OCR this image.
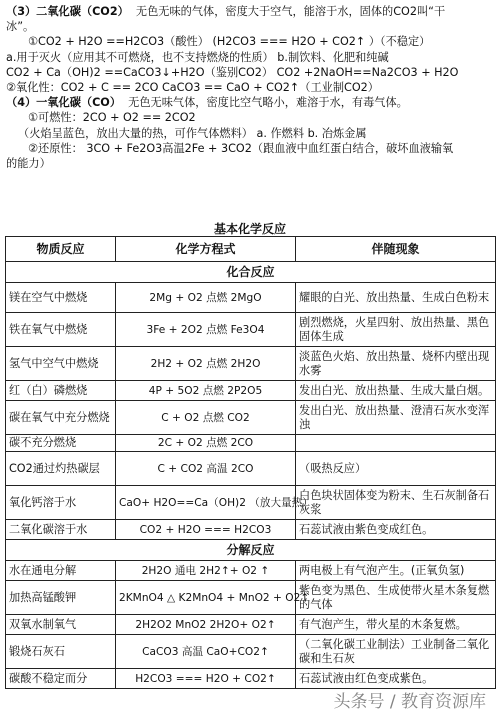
（3）二氧化碳（CO2） 无色无味的气体，密度大于空气，能溶于水，固体的CO2叫“干

冰”。

①CO2 + H2O ==H2CO3（酸性） (H2CO3 === H2O + CO2↑ ）（不稳定）

a.用于灭火（应用其不可燃烧，也不支持燃烧的性质） b.制饮料、化肥和纯碱

CO2 + Ca（OH)2 ==CaCO3↓+H2O（鉴别CO2） CO2 +2NaOH==Na2CO3 + H2O

②氧化性：CO2 + C == 2CO CaCO3 == CaO + CO2↑（工业制CO2）

（4）一氧化碳（CO） 无色无味气体，密度比空气略小，难溶于水，有毒气体。

①可燃性：2CO + O2 == 2CO2

（火焰呈蓝色，放出大量的热，可作气体燃料） a. 作燃料 b. 冶炼金属

②还原性： 3CO + Fe2O3高温2Fe + 3CO2（跟血液中血红蛋白结合，破坏血液输氧

的能力）

基本化学反应
物质反应	化学方程式	伴随现象
化合反应		
镁在空气中燃烧	2Mg + O2 点燃 2MgO	耀眼的白光、放出热量、生成白色粉末
铁在氧气中燃烧	3Fe + 2O2 点燃 Fe3O4	剧烈燃烧，火星四射、放出热量、黑色固体生成
氢气中空气中燃烧	2H2 + O2 点燃 2H2O	淡蓝色火焰、放出热量、烧杯内壁出现水雾
红（白）磷燃烧	4P + 5O2 点燃 2P2O5	发出白光、放出热量、生成大量白烟。
碳在氧气中充分燃烧	C + O2 点燃 CO2	发出白光、放出热量、澄清石灰水变浑浊
碳不充分燃烧	2C + O2 点燃 2CO	
CO2通过灼热碳层	C + CO2 高温 2CO	（吸热反应）
氧化钙溶于水	CaO+ H2O==Ca（OH)2 （放大量热）	白色块状固体变为粉末、生石灰制备石灰浆
二氧化碳溶于水	CO2 + H2O === H2CO3	石蕊试液由紫色变成红色。
分解反应		
水在通电分解	2H2O 通电 2H2↑+ O2 ↑	两电极上有气泡产生。(正氧负氢)
加热高锰酸钾	2KMnO4 △ K2MnO4 + MnO2 + O2↑	紫色变为黑色、生成使带火星木条复燃的气体
双氧水制氧气	2H2O2 MnO2 2H2O+ O2↑	有气泡产生，带火星的木条复燃。
锻烧石灰石	CaCO3 高温 CaO+CO2↑	（二氧化碳工业制法）工业制备二氧化碳和生石灰
碳酸不稳定而分	H2CO3 === H2O + CO2↑	石蕊试液由红色变成紫色。
头条号 / 教育资源库
